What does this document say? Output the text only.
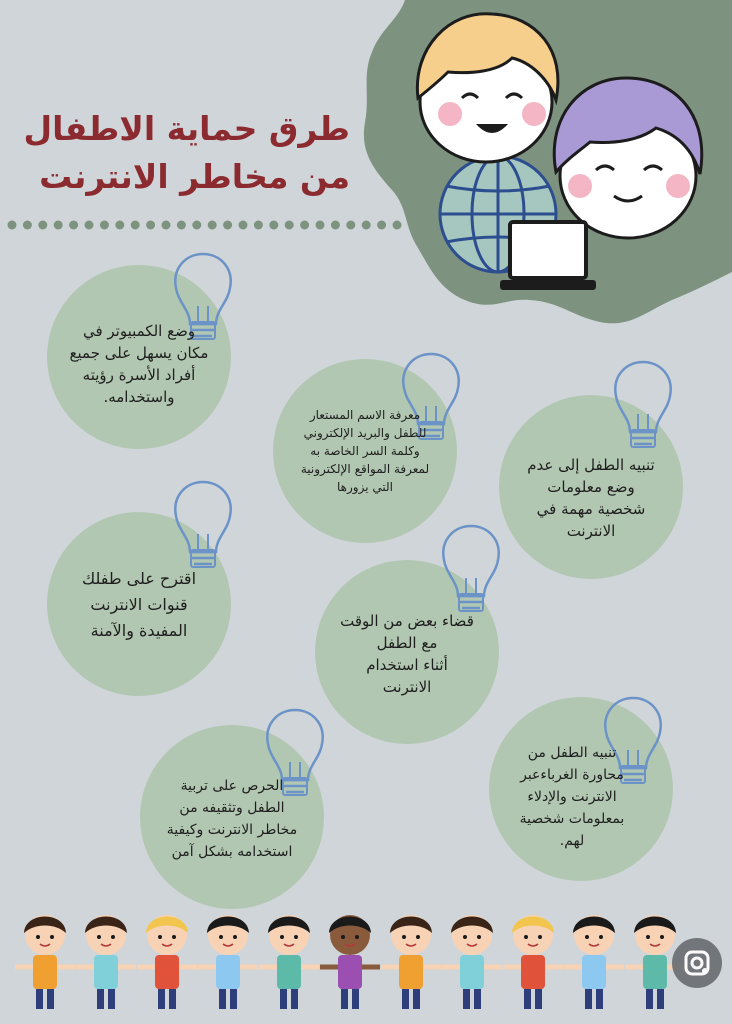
طرق حماية الاطفال
من مخاطر الانترنت
وضع الكمبيوتر في
مكان يسهل على جميع
أفراد الأسرة رؤيته
واستخدامه.
معرفة الاسم المستعار
للطفل والبريد الإلكتروني
وكلمة السر الخاصة به
لمعرفة المواقع الإلكترونية
التي يزورها
تنبيه الطفل إلى عدم
وضع معلومات
شخصية مهمة في
الانترنت
اقترح على طفلك
قنوات الانترنت
المفيدة والآمنة	قضاء بعض من الوقت
مع الطفل
أثناء استخدام
الانترنت
الحرص على تربية
الطفل وتثقيفه من
مخاطر الانترنت وكيفية
استخدامه بشكل آمن
تنبيه الطفل من
محاورة الغرباءعبر
الانترنت والإدلاء
بمعلومات شخصية
لهم.
